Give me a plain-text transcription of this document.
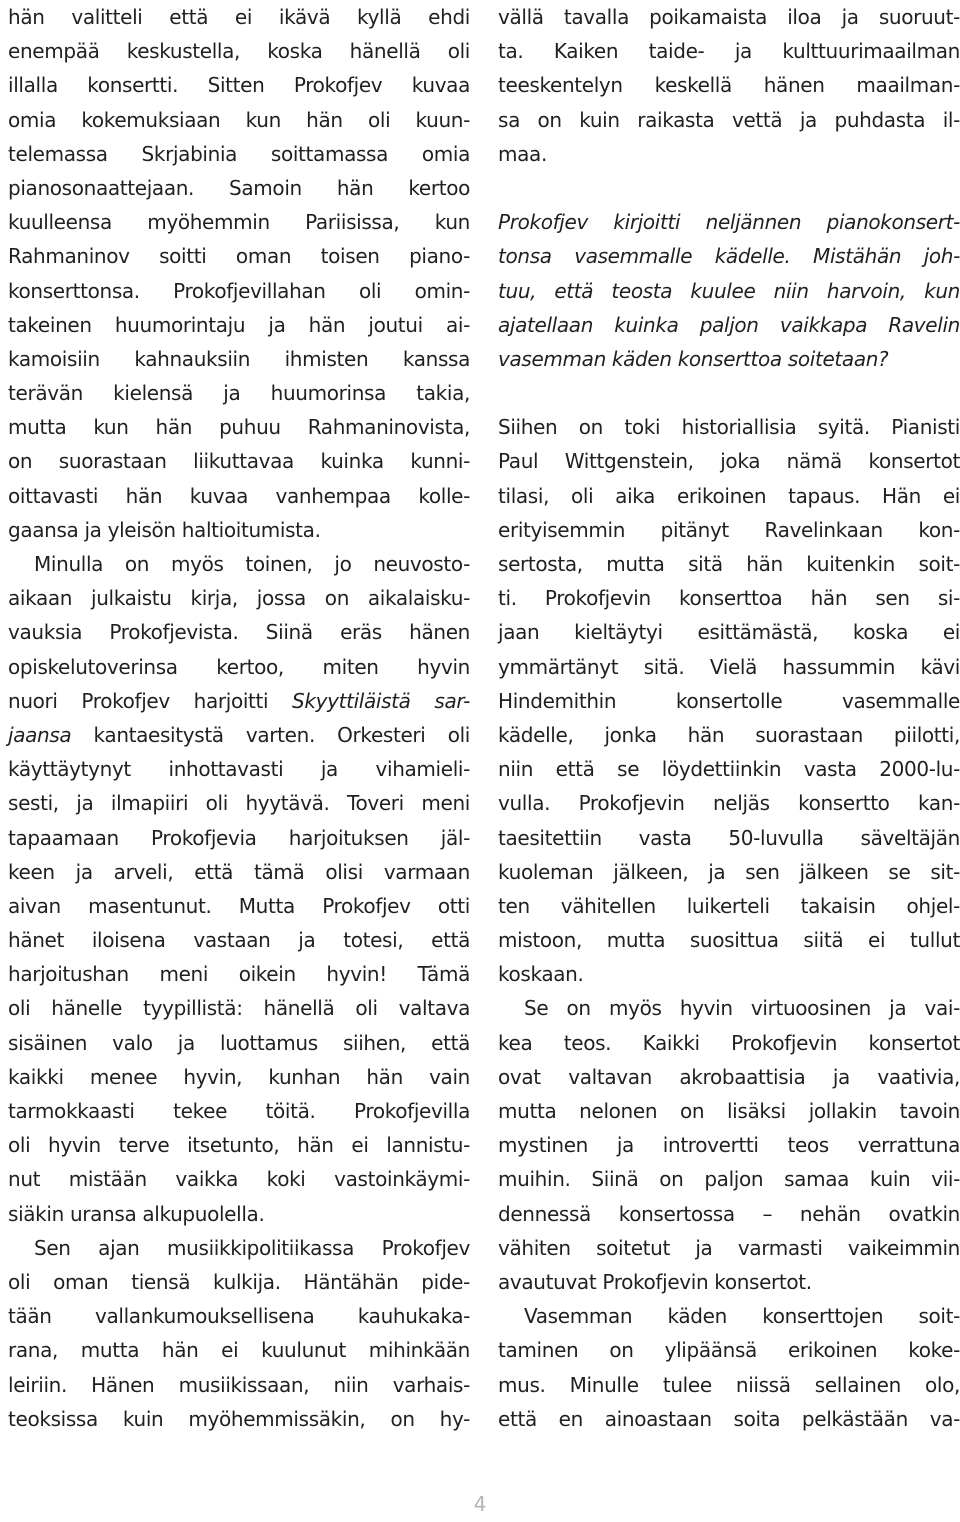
hän valitteli että ei ikävä kyllä ehdi
enempää keskustella, koska hänellä oli
illalla konsertti. Sitten Prokofjev kuvaa
omia kokemuksiaan kun hän oli kuun-
telemassa Skrjabinia soittamassa omia
pianosonaattejaan. Samoin hän kertoo
kuulleensa myöhemmin Pariisissa, kun
Rahmaninov soitti oman toisen piano-
konserttonsa. Prokofjevillahan oli omin-
takeinen huumorintaju ja hän joutui ai-
kamoisiin kahnauksiin ihmisten kanssa
terävän kielensä ja huumorinsa takia,
mutta kun hän puhuu Rahmaninovista,
on suorastaan liikuttavaa kuinka kunni-
oittavasti hän kuvaa vanhempaa kolle-
gaansa ja yleisön haltioitumista.
Minulla on myös toinen, jo neuvosto-
aikaan julkaistu kirja, jossa on aikalaisku-
vauksia Prokofjevista. Siinä eräs hänen
opiskelutoverinsa kertoo, miten hyvin
nuori Prokofjev harjoitti Skyyttiläistä sar-
jaansa kantaesitystä varten. Orkesteri oli
käyttäytynyt inhottavasti ja vihamieli-
sesti, ja ilmapiiri oli hyytävä. Toveri meni
tapaamaan Prokofjevia harjoituksen jäl-
keen ja arveli, että tämä olisi varmaan
aivan masentunut. Mutta Prokofjev otti
hänet iloisena vastaan ja totesi, että
harjoitushan meni oikein hyvin! Tämä
oli hänelle tyypillistä: hänellä oli valtava
sisäinen valo ja luottamus siihen, että
kaikki menee hyvin, kunhan hän vain
tarmokkaasti tekee töitä. Prokofjevilla
oli hyvin terve itsetunto, hän ei lannistu-
nut mistään vaikka koki vastoinkäymi-
siäkin uransa alkupuolella.
Sen ajan musiikkipolitiikassa Prokofjev
oli oman tiensä kulkija. Häntähän pide-
tään vallankumouksellisena kauhukaka-
rana, mutta hän ei kuulunut mihinkään
leiriin. Hänen musiikissaan, niin varhais-
teoksissa kuin myöhemmissäkin, on hy-
vällä tavalla poikamaista iloa ja suoruut-
ta. Kaiken taide- ja kulttuurimaailman
teeskentelyn keskellä hänen maailman-
sa on kuin raikasta vettä ja puhdasta il-
maa.
Prokofjev kirjoitti neljännen pianokonsert-
tonsa vasemmalle kädelle. Mistähän joh-
tuu, että teosta kuulee niin harvoin, kun
ajatellaan kuinka paljon vaikkapa Ravelin
vasemman käden konserttoa soitetaan?
Siihen on toki historiallisia syitä. Pianisti
Paul Wittgenstein, joka nämä konsertot
tilasi, oli aika erikoinen tapaus. Hän ei
erityisemmin pitänyt Ravelinkaan kon-
sertosta, mutta sitä hän kuitenkin soit-
ti. Prokofjevin konserttoa hän sen si-
jaan kieltäytyi esittämästä, koska ei
ymmärtänyt sitä. Vielä hassummin kävi
Hindemithin konsertolle vasemmalle
kädelle, jonka hän suorastaan piilotti,
niin että se löydettiinkin vasta 2000-lu-
vulla. Prokofjevin neljäs konsertto kan-
taesitettiin vasta 50-luvulla säveltäjän
kuoleman jälkeen, ja sen jälkeen se sit-
ten vähitellen luikerteli takaisin ohjel-
mistoon, mutta suosittua siitä ei tullut
koskaan.
Se on myös hyvin virtuoosinen ja vai-
kea teos. Kaikki Prokofjevin konsertot
ovat valtavan akrobaattisia ja vaativia,
mutta nelonen on lisäksi jollakin tavoin
mystinen ja introvertti teos verrattuna
muihin. Siinä on paljon samaa kuin vii-
dennessä konsertossa – nehän ovatkin
vähiten soitetut ja varmasti vaikeimmin
avautuvat Prokofjevin konsertot.
Vasemman käden konserttojen soit-
taminen on ylipäänsä erikoinen koke-
mus. Minulle tulee niissä sellainen olo,
että en ainoastaan soita pelkästään va-
4
